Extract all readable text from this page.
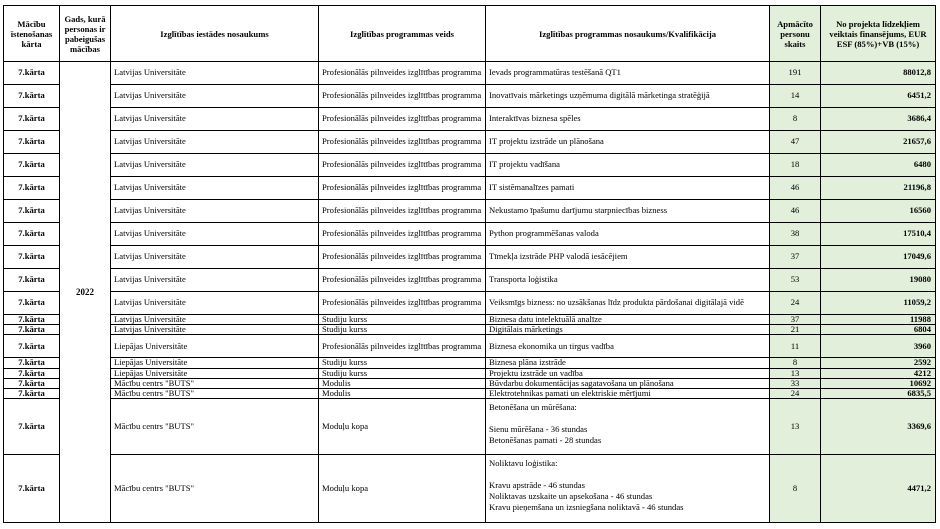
Mācību īstenošanas kārta	Gads, kurā personas ir pabeigušas mācības	Izglītības iestādes nosaukums	Izglītības programmas veids	Izglītības programmas nosaukums/Kvalifikācija	Apmācīto personu skaits	No projekta līdzekļiem veiktais finansējums, EUR ESF (85%)+VB (15%)
7.kārta	2022	Latvijas Universitāte	Profesionālās pilnveides izglītības programma	Ievads programmatūras testēšanā QT1	191	88012,8
7.kārta		Latvijas Universitāte	Profesionālās pilnveides izglītības programma	Inovatīvais mārketings uzņēmuma digitālā mārketinga stratēģijā	14	6451,2
7.kārta		Latvijas Universitāte	Profesionālās pilnveides izglītības programma	Interaktīvas biznesa spēles	8	3686,4
7.kārta		Latvijas Universitāte	Profesionālās pilnveides izglītības programma	IT projektu izstrāde un plānošana	47	21657,6
7.kārta		Latvijas Universitāte	Profesionālās pilnveides izglītības programma	IT projektu vadīšana	18	6480
7.kārta		Latvijas Universitāte	Profesionālās pilnveides izglītības programma	IT sistēmanalīzes pamati	46	21196,8
7.kārta		Latvijas Universitāte	Profesionālās pilnveides izglītības programma	Nekustamo īpašumu darījumu starpniecības bizness	46	16560
7.kārta		Latvijas Universitāte	Profesionālās pilnveides izglītības programma	Python programmēšanas valoda	38	17510,4
7.kārta		Latvijas Universitāte	Profesionālās pilnveides izglītības programma	Tīmekļa izstrāde PHP valodā iesācējiem	37	17049,6
7.kārta		Latvijas Universitāte	Profesionālās pilnveides izglītības programma	Transporta loģistika	53	19080
7.kārta		Latvijas Universitāte	Profesionālās pilnveides izglītības programma	Veiksmīgs bizness: no uzsākšanas līdz produkta pārdošanai digitālajā vidē	24	11059,2
7.kārta		Latvijas Universitāte	Studiju kurss	Biznesa datu intelektuālā analīze	37	11988
7.kārta		Latvijas Universitāte	Studiju kurss	Digitālais mārketings	21	6804
7.kārta		Liepājas Universitāte	Profesionālās pilnveides izglītības programma	Biznesa ekonomika un tirgus vadība	11	3960
7.kārta		Liepājas Universitāte	Studiju kurss	Biznesa plāna izstrāde	8	2592
7.kārta		Liepājas Universitāte	Studiju kurss	Projektu izstrāde un vadība	13	4212
7.kārta		Mācību centrs "BUTS"	Modulis	Būvdarbu dokumentācijas sagatavošana un plānošana	33	10692
7.kārta		Mācību centrs "BUTS"	Modulis	Elektrotehnikas pamati un elektriskie mērījumi	24	6835,5
7.kārta		Mācību centrs "BUTS"	Moduļu kopa	Betonēšana un mūrēšana:
Sienu mūrēšana - 36 stundas
Betonēšanas pamati - 28 stundas	13	3369,6
7.kārta		Mācību centrs "BUTS"	Moduļu kopa	Noliktavu loģistika:
Kravu apstrāde - 46 stundas
Noliktavas uzskaite un apsekošana - 46 stundas
Kravu pieņemšana un izsniegšana noliktavā - 46 stundas	8	4471,2
